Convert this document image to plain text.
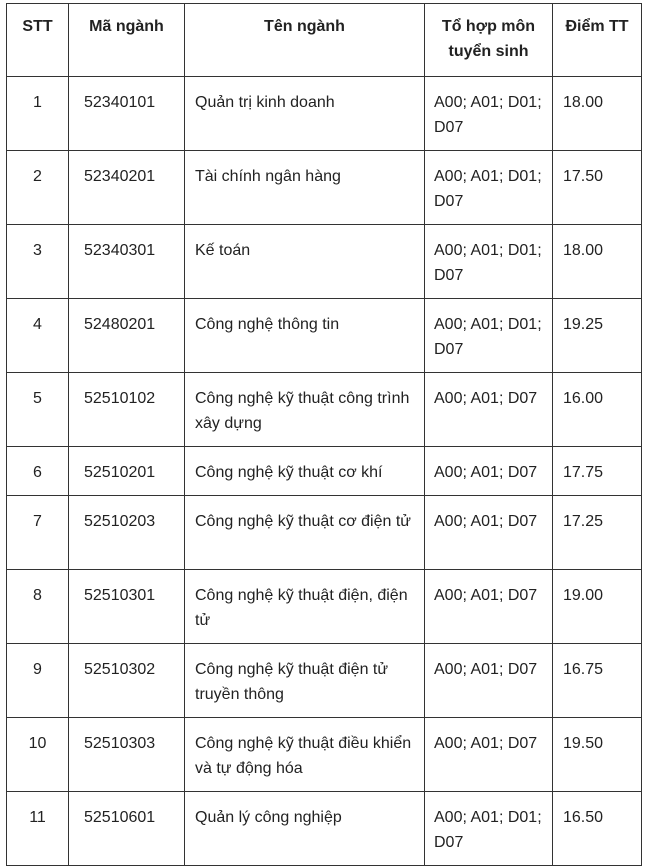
STT	Mã ngành	Tên ngành	Tổ hợp môn tuyển sinh	Điểm TT
1	52340101	Quản trị kinh doanh	A00; A01; D01; D07	18.00
2	52340201	Tài chính ngân hàng	A00; A01; D01; D07	17.50
3	52340301	Kế toán	A00; A01; D01; D07	18.00
4	52480201	Công nghệ thông tin	A00; A01; D01; D07	19.25
5	52510102	Công nghệ kỹ thuật công trình xây dựng	A00; A01; D07	16.00
6	52510201	Công nghệ kỹ thuật cơ khí	A00; A01; D07	17.75
7	52510203	Công nghệ kỹ thuật cơ điện tử	A00; A01; D07	17.25
8	52510301	Công nghệ kỹ thuật điện, điện tử	A00; A01; D07	19.00
9	52510302	Công nghệ kỹ thuật điện tử truyền thông	A00; A01; D07	16.75
10	52510303	Công nghệ kỹ thuật điều khiển và tự động hóa	A00; A01; D07	19.50
11	52510601	Quản lý công nghiệp	A00; A01; D01; D07	16.50
